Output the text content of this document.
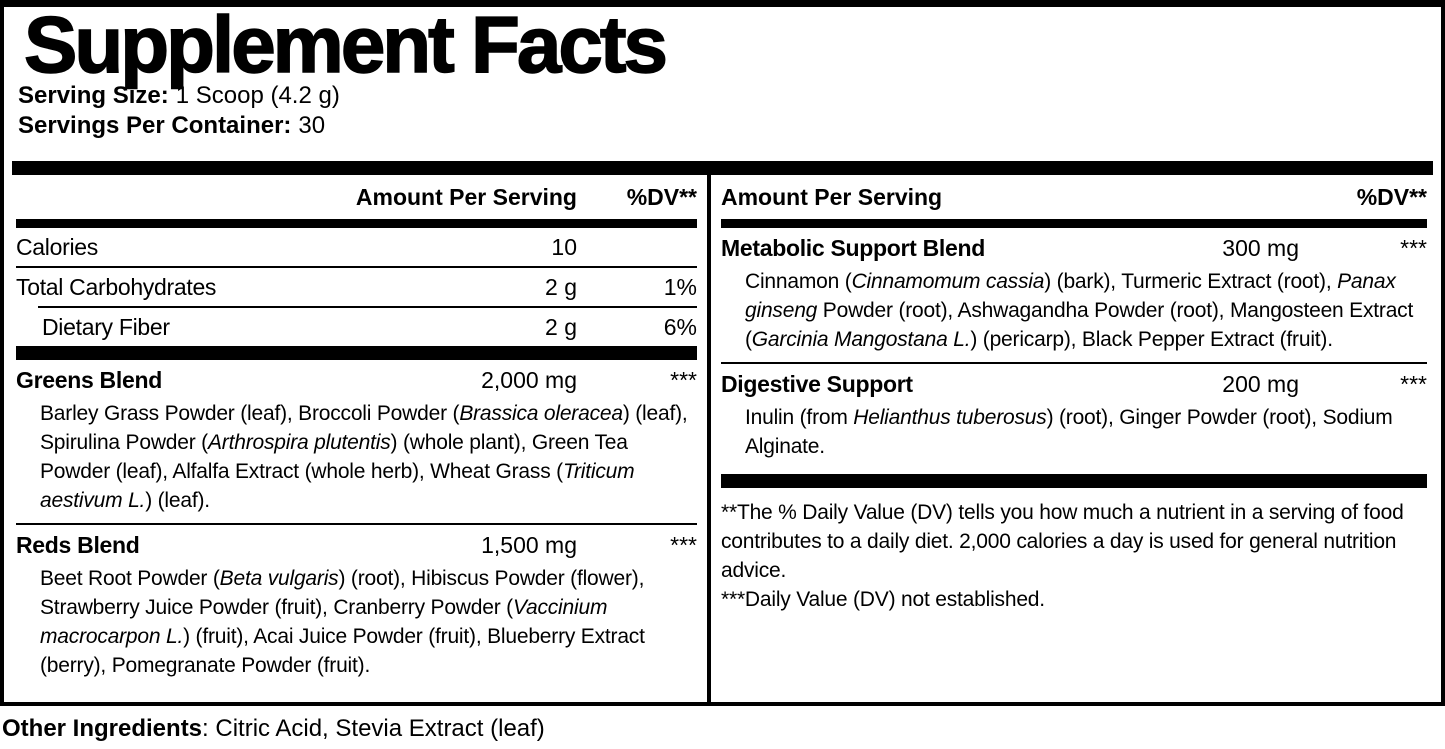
Supplement Facts
Serving Size: 1 Scoop (4.2 g)
Servings Per Container: 30
Amount Per Serving	%DV**
Calories	10
Total Carbohydrates	2 g	1%
Dietary Fiber	2 g	6%
Greens Blend	2,000 mg	***
Barley Grass Powder (leaf), Broccoli Powder (Brassica oleracea) (leaf), Spirulina Powder (Arthrospira plutentis) (whole plant), Green Tea Powder (leaf), Alfalfa Extract (whole herb), Wheat Grass (Triticum aestivum L.) (leaf).
Reds Blend	1,500 mg	***
Beet Root Powder (Beta vulgaris) (root), Hibiscus Powder (flower), Strawberry Juice Powder (fruit), Cranberry Powder (Vaccinium macrocarpon L.) (fruit), Acai Juice Powder (fruit), Blueberry Extract (berry), Pomegranate Powder (fruit).
Amount Per Serving	%DV**
Metabolic Support Blend	300 mg	***
Cinnamon (Cinnamomum cassia) (bark), Turmeric Extract (root), Panax ginseng Powder (root), Ashwagandha Powder (root), Mangosteen Extract (Garcinia Mangostana L.) (pericarp), Black Pepper Extract (fruit).
Digestive Support	200 mg	***
Inulin (from Helianthus tuberosus) (root), Ginger Powder (root), Sodium Alginate.

**The % Daily Value (DV) tells you how much a nutrient in a serving of food contributes to a daily diet. 2,000 calories a day is used for general nutrition advice.

***Daily Value (DV) not established.

Other Ingredients: Citric Acid, Stevia Extract (leaf)
